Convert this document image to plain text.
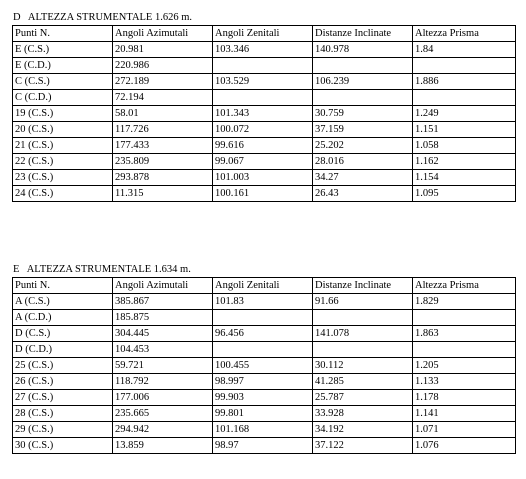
D   ALTEZZA STRUMENTALE 1.626 m.
Punti N.	Angoli Azimutali	Angoli Zenitali	Distanze Inclinate	Altezza Prisma
E (C.S.)	20.981	103.346	140.978	1.84
E (C.D.)	220.986			
C (C.S.)	272.189	103.529	106.239	1.886
C (C.D.)	72.194			
19 (C.S.)	58.01	101.343	30.759	1.249
20 (C.S.)	117.726	100.072	37.159	1.151
21 (C.S.)	177.433	99.616	25.202	1.058
22 (C.S.)	235.809	99.067	28.016	1.162
23 (C.S.)	293.878	101.003	34.27	1.154
24 (C.S.)	11.315	100.161	26.43	1.095
E   ALTEZZA STRUMENTALE 1.634 m.
Punti N.	Angoli Azimutali	Angoli Zenitali	Distanze Inclinate	Altezza Prisma
A (C.S.)	385.867	101.83	91.66	1.829
A (C.D.)	185.875			
D (C.S.)	304.445	96.456	141.078	1.863
D (C.D.)	104.453			
25 (C.S.)	59.721	100.455	30.112	1.205
26 (C.S.)	118.792	98.997	41.285	1.133
27 (C.S.)	177.006	99.903	25.787	1.178
28 (C.S.)	235.665	99.801	33.928	1.141
29 (C.S.)	294.942	101.168	34.192	1.071
30 (C.S.)	13.859	98.97	37.122	1.076
